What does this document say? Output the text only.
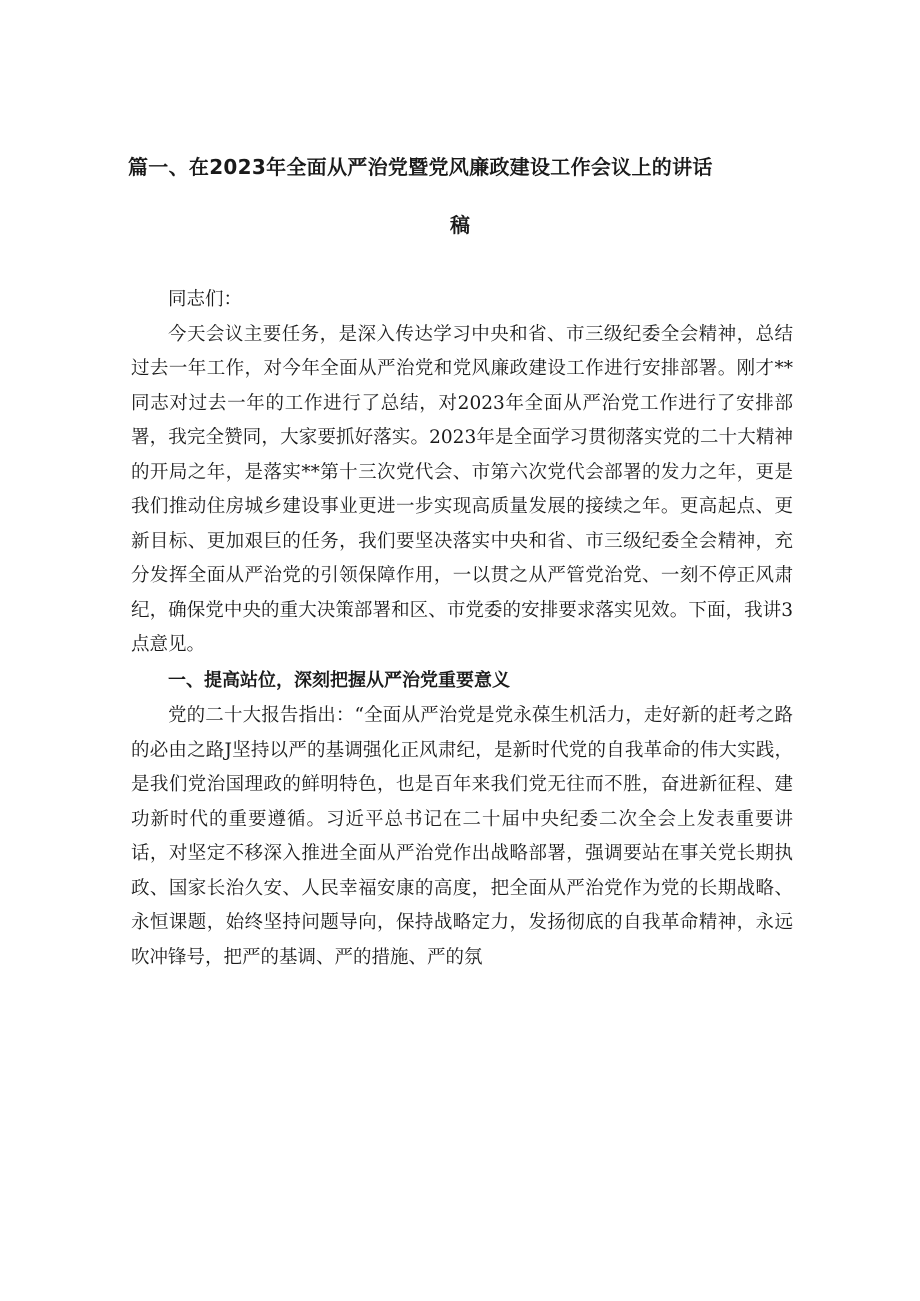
篇一、在2023年全面从严治党暨党风廉政建设工作会议上的讲话
稿

同志们：

今天会议主要任务，是深入传达学习中央和省、市三级纪委全会精神，总结过去一年工作，对今年全面从严治党和党风廉政建设工作进行安排部署。刚才**同志对过去一年的工作进行了总结，对2023年全面从严治党工作进行了安排部署，我完全赞同，大家要抓好落实。2023年是全面学习贯彻落实党的二十大精神的开局之年，是落实**第十三次党代会、市第六次党代会部署的发力之年，更是我们推动住房城乡建设事业更进一步实现高质量发展的接续之年。更高起点、更新目标、更加艰巨的任务，我们要坚决落实中央和省、市三级纪委全会精神，充分发挥全面从严治党的引领保障作用，一以贯之从严管党治党、一刻不停正风肃纪，确保党中央的重大决策部署和区、市党委的安排要求落实见效。下面，我讲3点意见。

一、提高站位，深刻把握从严治党重要意义

党的二十大报告指出：“全面从严治党是党永葆生机活力，走好新的赶考之路的必由之路J坚持以严的基调强化正风肃纪，是新时代党的自我革命的伟大实践，是我们党治国理政的鲜明特色，也是百年来我们党无往而不胜，奋进新征程、建功新时代的重要遵循。习近平总书记在二十届中央纪委二次全会上发表重要讲话，对坚定不移深入推进全面从严治党作出战略部署，强调要站在事关党长期执政、国家长治久安、人民幸福安康的高度，把全面从严治党作为党的长期战略、永恒课题，始终坚持问题导向，保持战略定力，发扬彻底的自我革命精神，永远吹冲锋号，把严的基调、严的措施、严的氛
